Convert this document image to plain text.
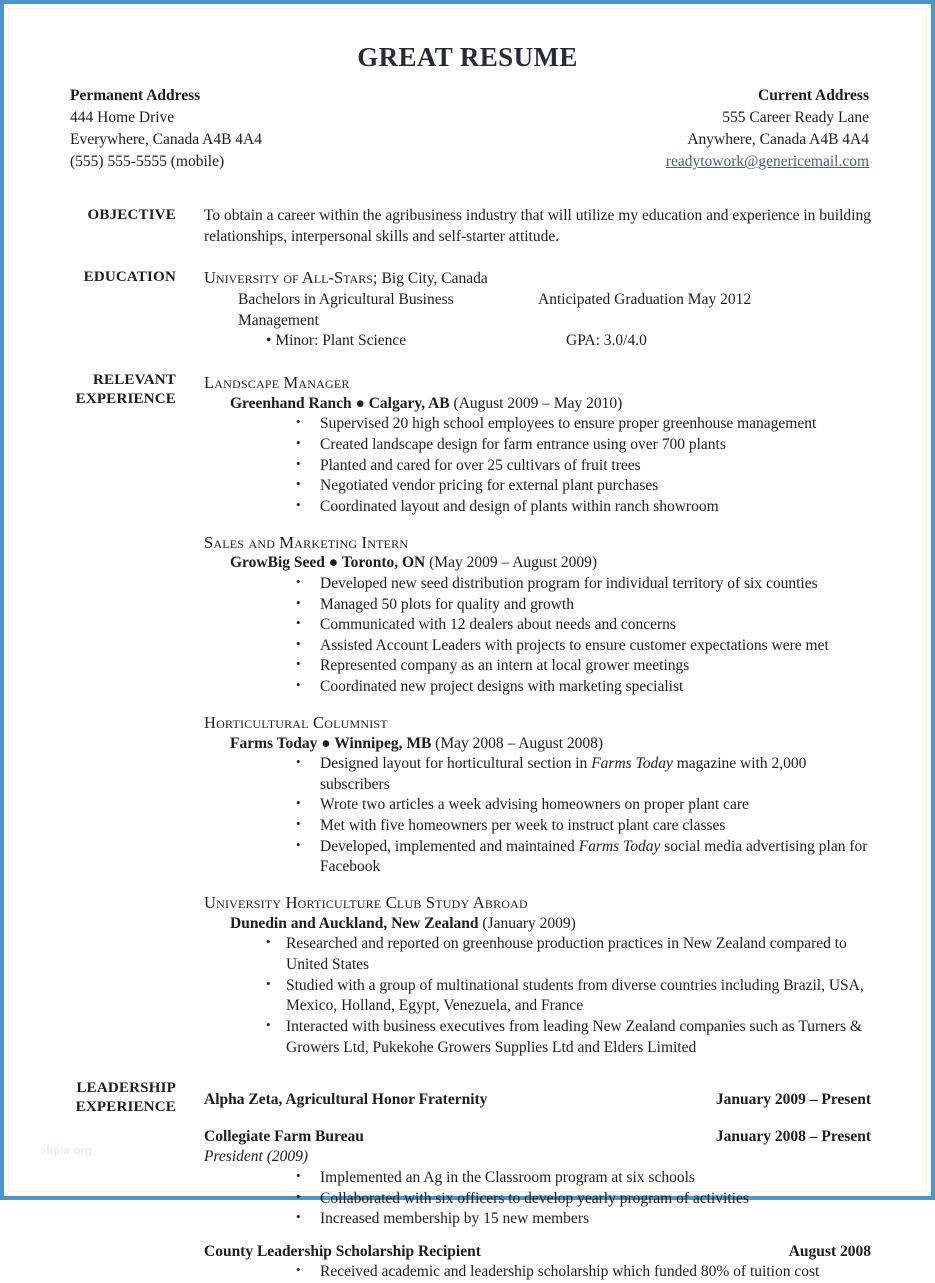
GREAT RESUME
Permanent Address
444 Home Drive
Everywhere, Canada A4B 4A4
(555) 555-5555 (mobile)
Current Address
555 Career Ready Lane
Anywhere, Canada A4B 4A4
readytowork@genericemail.com
OBJECTIVE To obtain a career within the agribusiness industry that will utilize my education and experience in building relationships, interpersonal skills and self-starter attitude.
EDUCATION University of All-Stars; Big City, Canada
Bachelors in Agricultural Business Management
Anticipated Graduation May 2012
• Minor: Plant Science	GPA: 3.0/4.0
RELEVANT
EXPERIENCE
Landscape Manager
Greenhand Ranch ● Calgary, AB (August 2009 – May 2010)
• Supervised 20 high school employees to ensure proper greenhouse management
• Created landscape design for farm entrance using over 700 plants
• Planted and cared for over 25 cultivars of fruit trees
• Negotiated vendor pricing for external plant purchases
• Coordinated layout and design of plants within ranch showroom
Sales and Marketing Intern
GrowBig Seed ● Toronto, ON (May 2009 – August 2009)
• Developed new seed distribution program for individual territory of six counties
• Managed 50 plots for quality and growth
• Communicated with 12 dealers about needs and concerns
• Assisted Account Leaders with projects to ensure customer expectations were met
• Represented company as an intern at local grower meetings
• Coordinated new project designs with marketing specialist
Horticultural Columnist
Farms Today ● Winnipeg, MB (May 2008 – August 2008)
• Designed layout for horticultural section in Farms Today magazine with 2,000 subscribers
• Wrote two articles a week advising homeowners on proper plant care
• Met with five homeowners per week to instruct plant care classes
• Developed, implemented and maintained Farms Today social media advertising plan for Facebook
University Horticulture Club Study Abroad
Dunedin and Auckland, New Zealand (January 2009)
• Researched and reported on greenhouse production practices in New Zealand compared to United States
• Studied with a group of multinational students from diverse countries including Brazil, USA, Mexico, Holland, Egypt, Venezuela, and France
• Interacted with business executives from leading New Zealand companies such as Turners & Growers Ltd, Pukekohe Growers Supplies Ltd and Elders Limited
LEADERSHIP
EXPERIENCE Alpha Zeta, Agricultural Honor Fraternity	January 2009 – Present
Collegiate Farm Bureau	January 2008 – Present
President (2009)
• Implemented an Ag in the Classroom program at six schools
• Collaborated with six officers to develop yearly program of activities
• Increased membership by 15 new members
County Leadership Scholarship Recipient	August 2008
• Received academic and leadership scholarship which funded 80% of tuition cost
shpia.org
